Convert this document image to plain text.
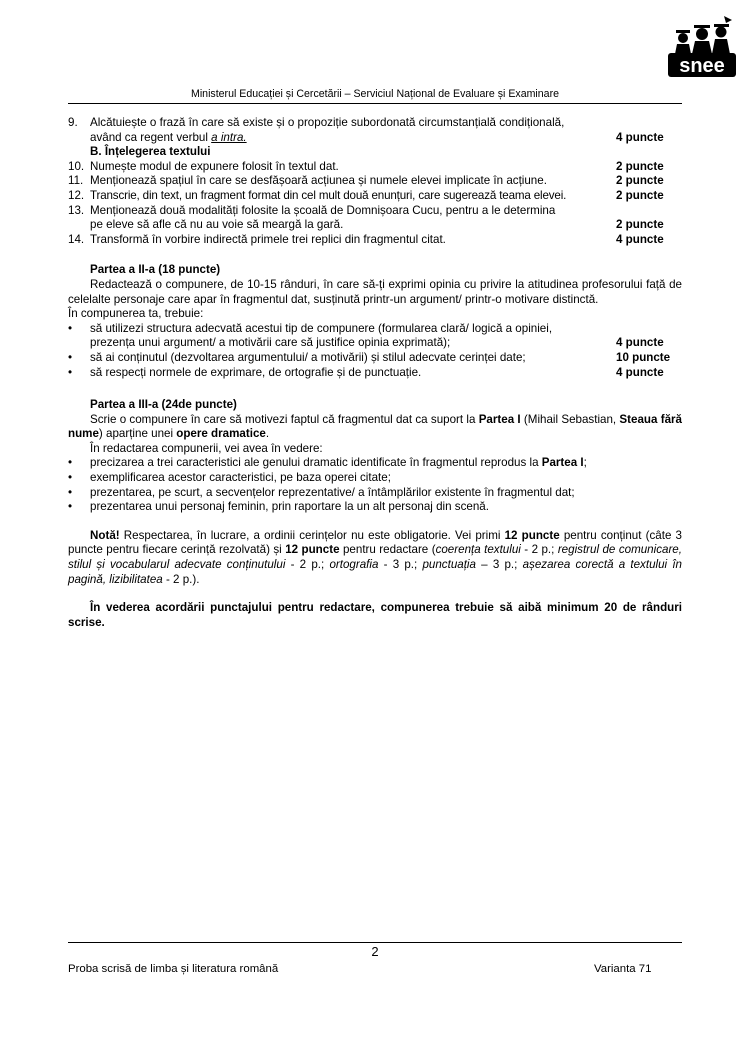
snee
Ministerul Educației și Cercetării – Serviciul Național de Evaluare și Examinare
9.	Alcătuiește o frază în care să existe și o propoziție subordonată circumstanțială condițională,
având ca regent verbul a intra.	4 puncte
B. Înțelegerea textului
10. Numește modul de expunere folosit în textul dat.	2 puncte
11. Menționează spațiul în care se desfășoară acțiunea și numele elevei implicate în acțiune.	2 puncte
12. Transcrie, din text, un fragment format din cel mult două enunțuri, care sugerează teama elevei.	2 puncte
13. Menționează două modalități folosite la școală de Domnișoara Cucu, pentru a le determina
pe eleve să afle că nu au voie să meargă la gară.	2 puncte
14. Transformă în vorbire indirectă primele trei replici din fragmentul citat.	4 puncte
Partea a II-a (18 puncte)
Redactează o compunere, de 10-15 rânduri, în care să-ți exprimi opinia cu privire la atitudinea profesorului față de celelalte personaje care apar în fragmentul dat, susținută printr-un argument/ printr-o motivare distinctă.
În compunerea ta, trebuie:
•	să utilizezi structura adecvată acestui tip de compunere (formularea clară/ logică a opiniei,
prezența unui argument/ a motivării care să justifice opinia exprimată);	4 puncte
•	să ai conținutul (dezvoltarea argumentului/ a motivării) și stilul adecvate cerinței date;	10 puncte
•	să respecți normele de exprimare, de ortografie și de punctuație.	4 puncte
Partea a III-a (24de puncte)
Scrie o compunere în care să motivezi faptul că fragmentul dat ca suport la Partea I (Mihail Sebastian, Steaua fără nume) aparține unei opere dramatice.
În redactarea compunerii, vei avea în vedere:
•	precizarea a trei caracteristici ale genului dramatic identificate în fragmentul reprodus la Partea I;
•	exemplificarea acestor caracteristici, pe baza operei citate;
•	prezentarea, pe scurt, a secvențelor reprezentative/ a întâmplărilor existente în fragmentul dat;
•	prezentarea unui personaj feminin, prin raportare la un alt personaj din scenă.
Notă! Respectarea, în lucrare, a ordinii cerințelor nu este obligatorie. Vei primi 12 puncte pentru conținut (câte 3 puncte pentru fiecare cerință rezolvată) și 12 puncte pentru redactare (coerența textului - 2 p.; registrul de comunicare, stilul și vocabularul adecvate conținutului - 2 p.; ortografia - 3 p.; punctuația – 3 p.; așezarea corectă a textului în pagină, lizibilitatea - 2 p.).
În vederea acordării punctajului pentru redactare, compunerea trebuie să aibă minimum 20 de rânduri scrise.
2
Proba scrisă de limba și literatura română	Varianta 71
